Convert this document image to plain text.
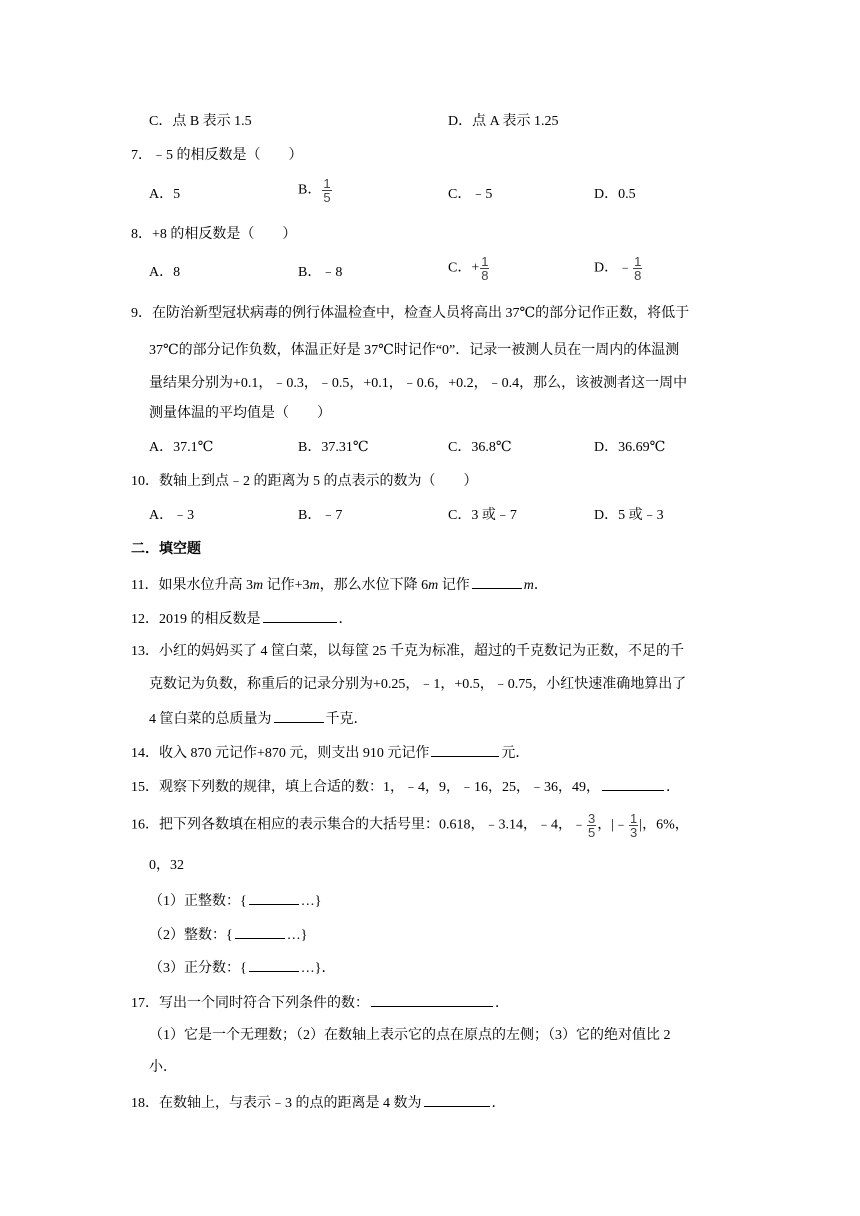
C．点 B 表示 1.5	D．点 A 表示 1.25
7．﹣5 的相反数是（　　）
A．5	B． $\frac{1}{5}$	C．﹣5	D．0.5
8．+8 的相反数是（　　）
A．8	B．﹣8	C．+ $\frac{1}{8}$	D．﹣ $\frac{1}{8}$
9．在防治新型冠状病毒的例行体温检查中，检查人员将高出 37℃的部分记作正数，将低于
37℃的部分记作负数，体温正好是 37℃时记作“0”．记录一被测人员在一周内的体温测
量结果分别为+0.1，﹣0.3，﹣0.5，+0.1，﹣0.6，+0.2，﹣0.4，那么，该被测者这一周中
测量体温的平均值是（　　）
A．37.1℃	B．37.31℃	C．36.8℃	D．36.69℃
10．数轴上到点﹣2 的距离为 5 的点表示的数为（　　）
A．﹣3	B．﹣7	C．3 或﹣7	D．5 或﹣3
二．填空题
11．如果水位升高 3m 记作+3m，那么水位下降 6m 记作	m．
12．2019 的相反数是	．
13．小红的妈妈买了 4 筐白菜，以每筐 25 千克为标准，超过的千克数记为正数，不足的千
克数记为负数，称重后的记录分别为+0.25，﹣1，+0.5，﹣0.75，小红快速准确地算出了
4 筐白菜的总质量为	千克．
14．收入 870 元记作+870 元，则支出 910 元记作	元．
15．观察下列数的规律，填上合适的数：1，﹣4，9，﹣16，25，﹣36，49，	．
16．把下列各数填在相应的表示集合的大括号里：0.618，﹣3.14，﹣4，﹣ $\frac{3}{5}$ ，|﹣ $\frac{1}{3}$ |，6%，
0，32
（1）正整数：{	…}
（2）整数：{	…}
（3）正分数：{	…}．
17．写出一个同时符合下列条件的数：	．
（1）它是一个无理数；（2）在数轴上表示它的点在原点的左侧；（3）它的绝对值比 2
小．
18．在数轴上，与表示﹣3 的点的距离是 4 数为	．
